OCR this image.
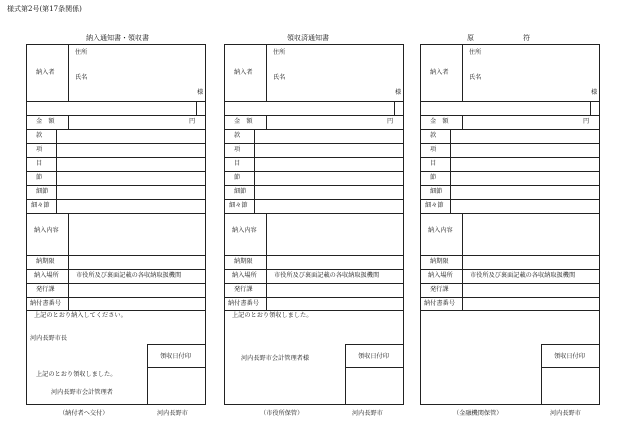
様式第2号(第17条関係)
納入通知書・領収書
納入者
住所
氏名
様
金　額	円
款
項
目
節
細節
細々節
納入内容
納期限
納入場所	市役所及び裏面記載の各収納取扱機関
発行課
納付書番号
上記のとおり納入してください。
河内長野市長
上記のとおり領収しました。
河内長野市会計管理者
領収日付印
（納付者へ交付）	河内長野市
領収済通知書
納入者
住所
氏名
様
金　額	円
款
項
目
節
細節
細々節
納入内容
納期限
納入場所	市役所及び裏面記載の各収納取扱機関
発行課
納付書番号
上記のとおり領収しました。
河内長野市会計管理者様	領収日付印
（市役所保管）	河内長野市
原　　　　　　　符
納入者
住所
氏名
様
金　額	円
款
項
目
節
細節
細々節
納入内容
納期限
納入場所	市役所及び裏面記載の各収納取扱機関
発行課
納付書番号
領収日付印
（金融機関保管）	河内長野市
